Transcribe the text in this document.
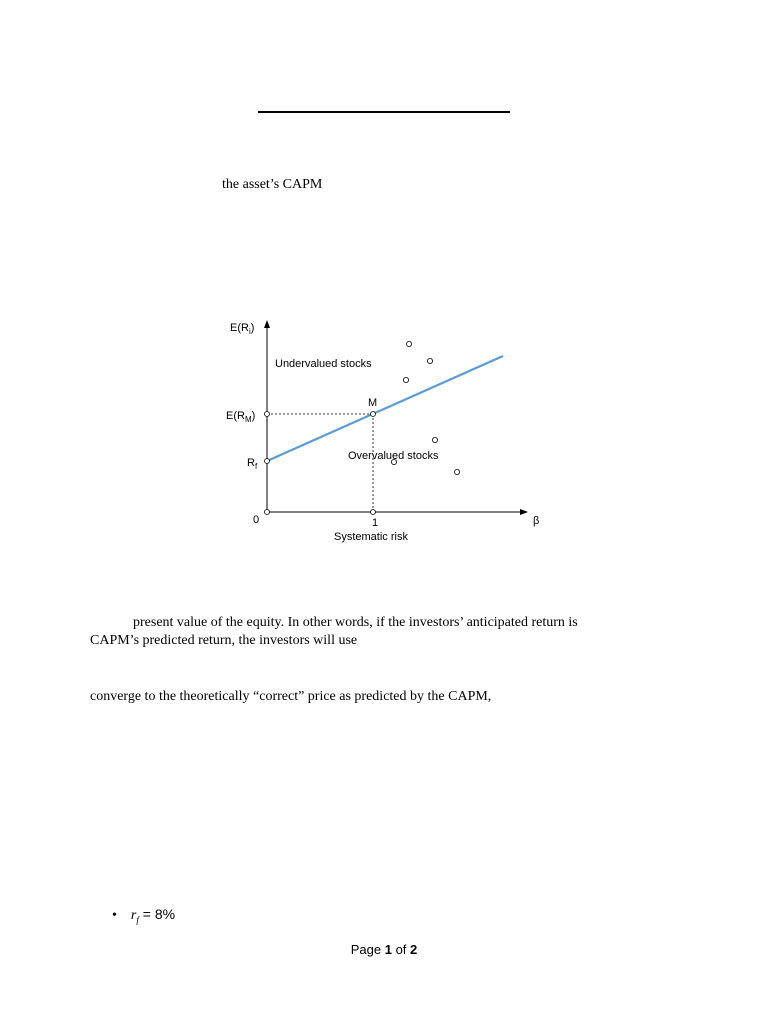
the asset’s CAPM
$E(R_i)$
$E(R_M)$
$R_f$
0	β
1
M
Undervalued stocks
Overvalued stocks
Systematic risk
present value of the equity. In other words, if the investors’ anticipated return is
CAPM’s predicted return, the investors will use
converge to the theoretically “correct” price as predicted by the CAPM,
• $r_f = 8\%$
Page 1 of 2
